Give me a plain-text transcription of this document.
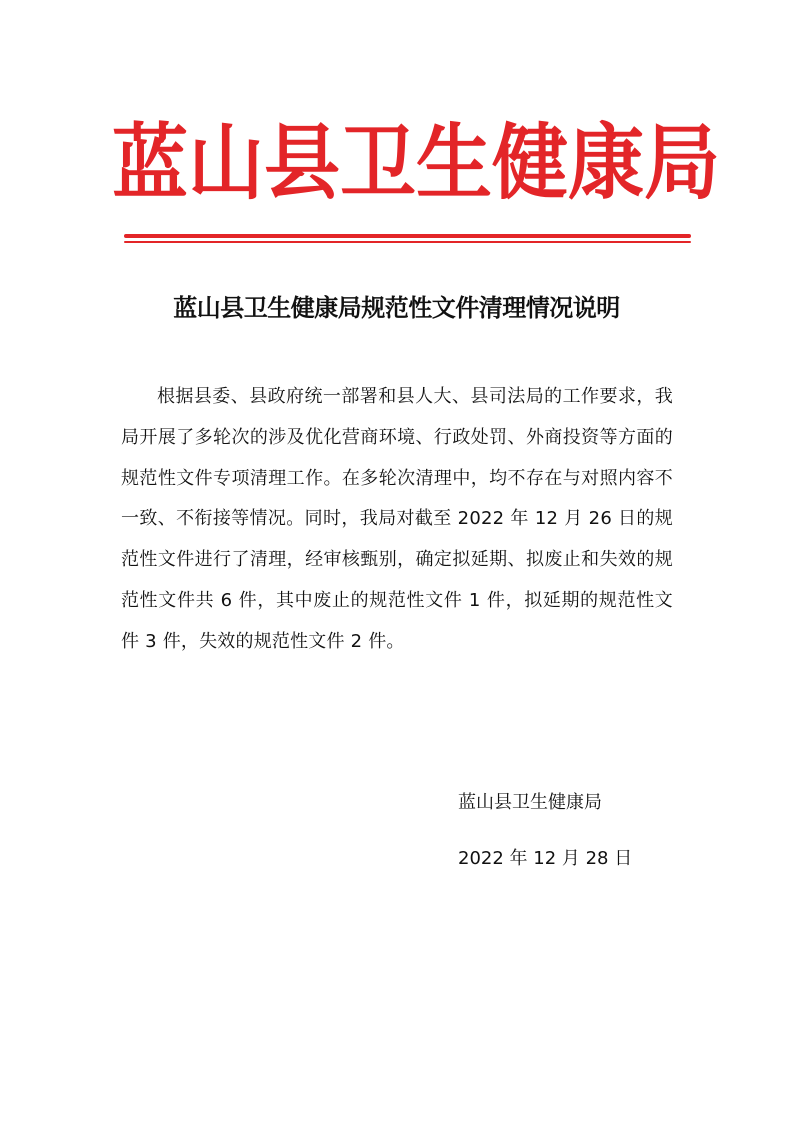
蓝 山 县 卫 生 健 康 局
蓝山县卫生健康局规范性文件清理情况说明

根据县委、县政府统一部署和县人大、县司法局的工作要求，我局开展了多轮次的涉及优化营商环境、行政处罚、外商投资等方面的规范性文件专项清理工作。在多轮次清理中，均不存在与对照内容不一致、不衔接等情况。同时，我局对截至 2022 年 12 月 26 日的规范性文件进行了清理，经审核甄别，确定拟延期、拟废止和失效的规范性文件共 6 件，其中废止的规范性文件 1 件，拟延期的规范性文件 3 件，失效的规范性文件 2 件。

蓝山县卫生健康局
2022 年 12 月 28 日
